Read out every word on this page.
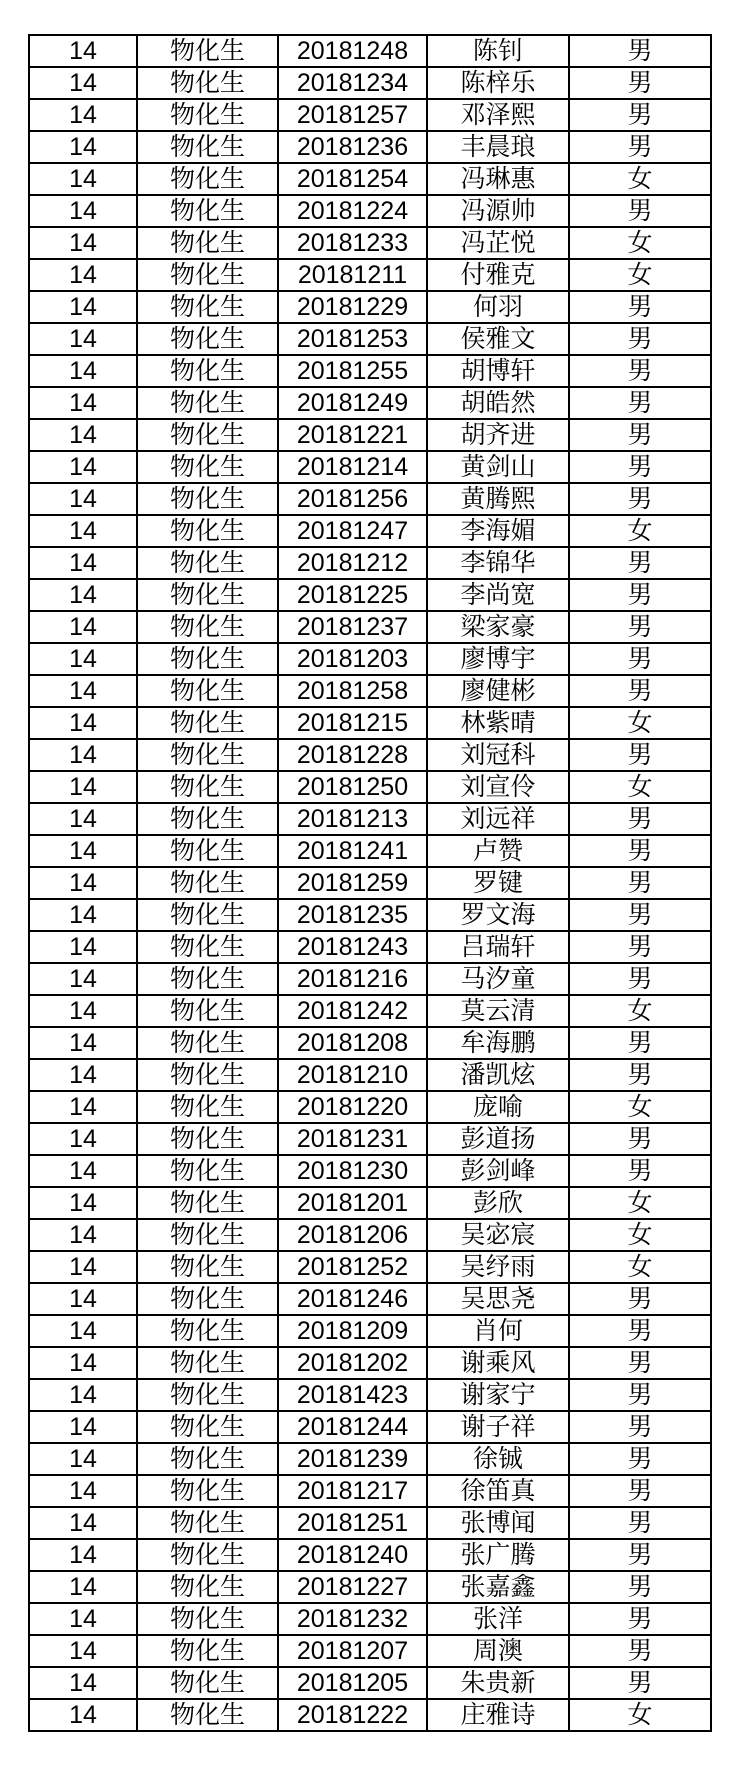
14	物化生	20181248	陈钊	男
14	物化生	20181234	陈梓乐	男
14	物化生	20181257	邓泽熙	男
14	物化生	20181236	丰晨琅	男
14	物化生	20181254	冯琳惠	女
14	物化生	20181224	冯源帅	男
14	物化生	20181233	冯芷悦	女
14	物化生	20181211	付雅克	女
14	物化生	20181229	何羽	男
14	物化生	20181253	侯雅文	男
14	物化生	20181255	胡博轩	男
14	物化生	20181249	胡皓然	男
14	物化生	20181221	胡齐进	男
14	物化生	20181214	黄剑山	男
14	物化生	20181256	黄腾熙	男
14	物化生	20181247	李海媚	女
14	物化生	20181212	李锦华	男
14	物化生	20181225	李尚宽	男
14	物化生	20181237	梁家豪	男
14	物化生	20181203	廖博宇	男
14	物化生	20181258	廖健彬	男
14	物化生	20181215	林紫晴	女
14	物化生	20181228	刘冠科	男
14	物化生	20181250	刘宣伶	女
14	物化生	20181213	刘远祥	男
14	物化生	20181241	卢赞	男
14	物化生	20181259	罗键	男
14	物化生	20181235	罗文海	男
14	物化生	20181243	吕瑞轩	男
14	物化生	20181216	马汐童	男
14	物化生	20181242	莫云清	女
14	物化生	20181208	牟海鹏	男
14	物化生	20181210	潘凯炫	男
14	物化生	20181220	庞喻	女
14	物化生	20181231	彭道扬	男
14	物化生	20181230	彭剑峰	男
14	物化生	20181201	彭欣	女
14	物化生	20181206	吴宓宸	女
14	物化生	20181252	吴纾雨	女
14	物化生	20181246	吴思尧	男
14	物化生	20181209	肖何	男
14	物化生	20181202	谢乘风	男
14	物化生	20181423	谢家宁	男
14	物化生	20181244	谢子祥	男
14	物化生	20181239	徐铖	男
14	物化生	20181217	徐笛真	男
14	物化生	20181251	张博闻	男
14	物化生	20181240	张广腾	男
14	物化生	20181227	张嘉鑫	男
14	物化生	20181232	张洋	男
14	物化生	20181207	周澳	男
14	物化生	20181205	朱贵新	男
14	物化生	20181222	庄雅诗	女
